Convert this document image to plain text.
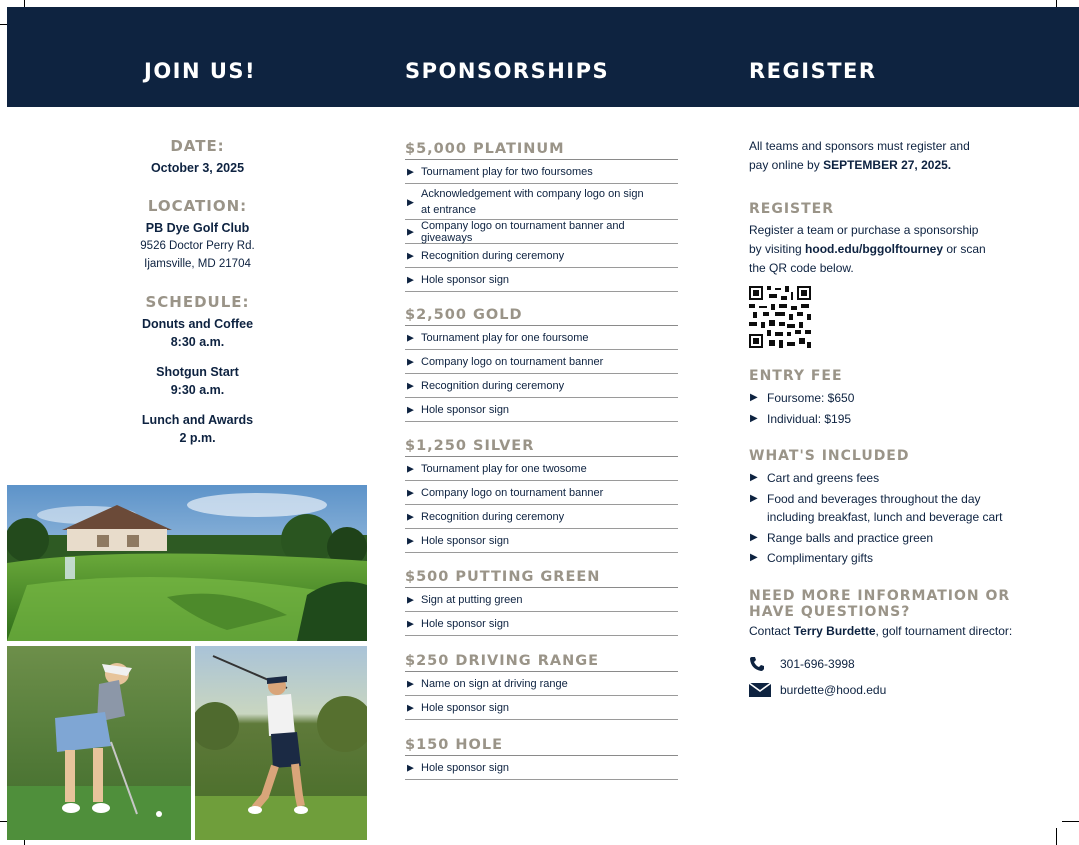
JOIN US!	SPONSORSHIPS	REGISTER
DATE:
October 3, 2025
LOCATION:
PB Dye Golf Club
9526 Doctor Perry Rd.
Ijamsville, MD 21704
SCHEDULE:
Donuts and Coffee
8:30 a.m.
Shotgun Start
9:30 a.m.
Lunch and Awards
2 p.m.
$5,000 PLATINUM
▶ Tournament play for two foursomes
▶
Acknowledgement with company logo on sign at entrance
▶ Company logo on tournament banner and giveaways
▶ Recognition during ceremony
▶ Hole sponsor sign
$2,500 GOLD
▶ Tournament play for one foursome
▶ Company logo on tournament banner
▶ Recognition during ceremony
▶ Hole sponsor sign
$1,250 SILVER
▶ Tournament play for one twosome
▶ Company logo on tournament banner
▶ Recognition during ceremony
▶ Hole sponsor sign
$500 PUTTING GREEN
▶ Sign at putting green
▶ Hole sponsor sign
$250 DRIVING RANGE
▶ Name on sign at driving range
▶ Hole sponsor sign
$150 HOLE
▶ Hole sponsor sign
All teams and sponsors must register and pay online by SEPTEMBER 27, 2025.
REGISTER
Register a team or purchase a sponsorship by visiting hood.edu/bggolftourney or scan the QR code below.
ENTRY FEE
▶ Foursome: $650
▶ Individual: $195
WHAT'S INCLUDED
▶ Cart and greens fees
▶ Food and beverages throughout the day including breakfast, lunch and beverage cart
▶ Range balls and practice green
▶ Complimentary gifts
NEED MORE INFORMATION OR
HAVE QUESTIONS?
Contact Terry Burdette, golf tournament director:
301-696-3998
burdette@hood.edu
